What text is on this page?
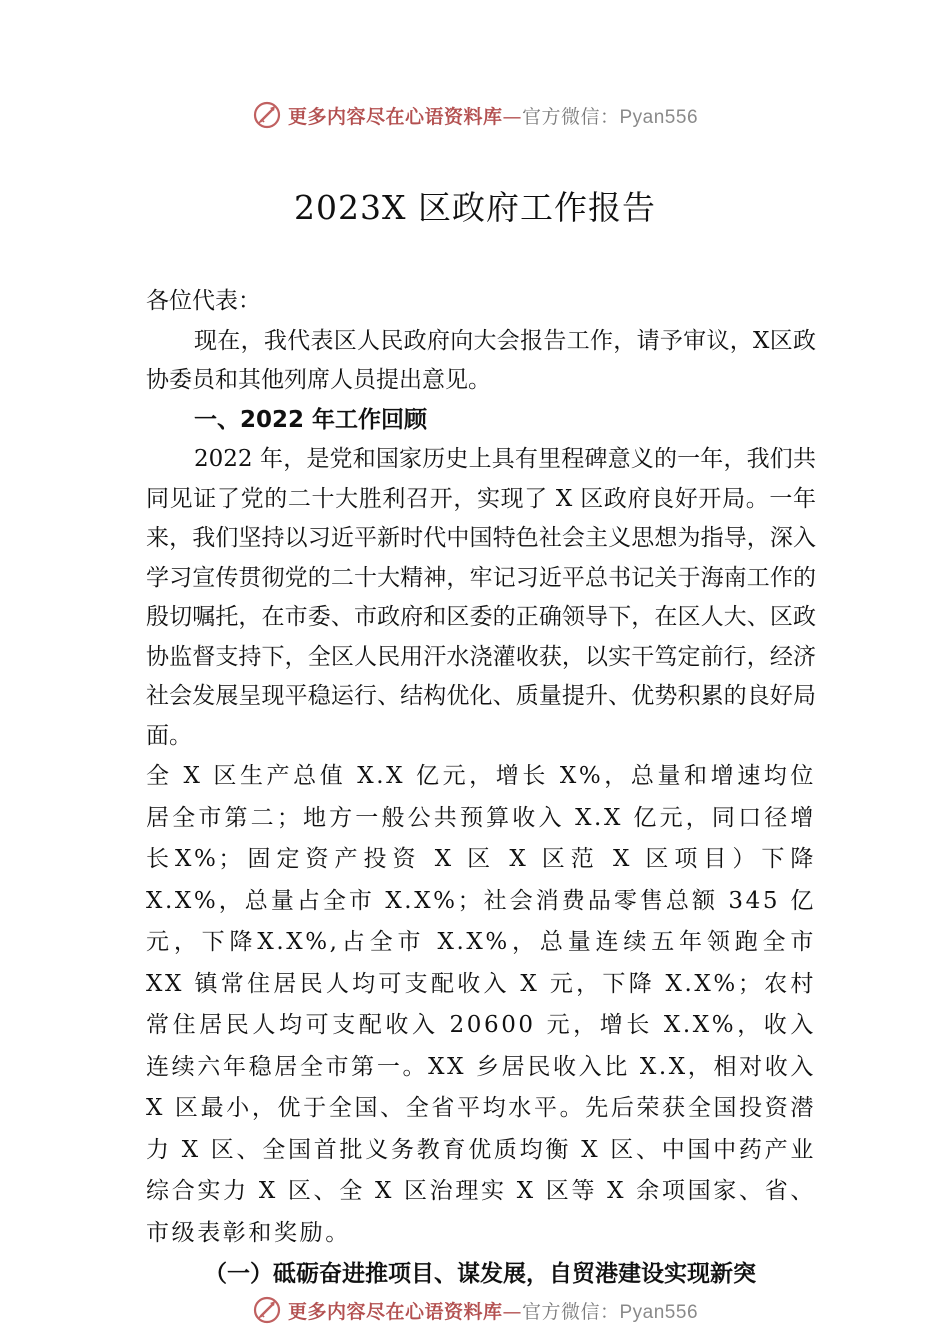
更多内容尽在心语资料库—官方微信：Pyan556
2023X 区政府工作报告

各位代表：

现在，我代表区人民政府向大会报告工作，请予审议，X区政协委员和其他列席人员提出意见。

一、2022 年工作回顾

2022 年，是党和国家历史上具有里程碑意义的一年，我们共同见证了党的二十大胜利召开，实现了 X 区政府良好开局。一年来，我们坚持以习近平新时代中国特色社会主义思想为指导，深入学习宣传贯彻党的二十大精神，牢记习近平总书记关于海南工作的殷切嘱托，在市委、市政府和区委的正确领导下，在区人大、区政协监督支持下，全区人民用汗水浇灌收获，以实干笃定前行，经济社会发展呈现平稳运行、结构优化、质量提升、优势积累的良好局面。

全 X 区生产总值 X.X 亿元，增长 X%，总量和增速均位居全市第二；地方一般公共预算收入 X.X 亿元，同口径增长X%；固定资产投资 X 区 X 区范 X 区项目）下降 X.X%，总量占全市 X.X%；社会消费品零售总额 345 亿元，下降X.X%,占全市 X.X%，总量连续五年领跑全市 XX 镇常住居民人均可支配收入 X 元，下降 X.X%；农村常住居民人均可支配收入 20600 元，增长 X.X%，收入连续六年稳居全市第一。XX 乡居民收入比 X.X，相对收入 X 区最小，优于全国、全省平均水平。先后荣获全国投资潜力 X 区、全国首批义务教育优质均衡 X 区、中国中药产业综合实力 X 区、全 X 区治理实 X 区等 X 余项国家、省、市级表彰和奖励。

（一）砥砺奋进推项目、谋发展，自贸港建设实现新突

更多内容尽在心语资料库—官方微信：Pyan556
